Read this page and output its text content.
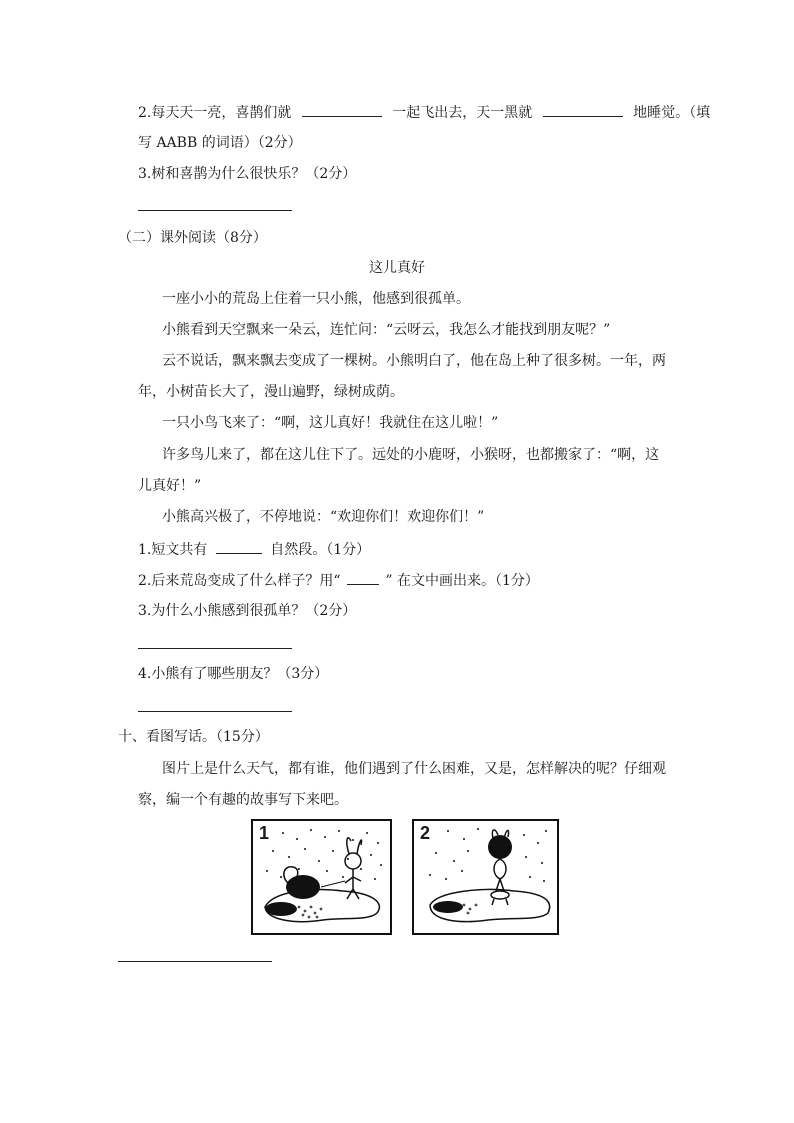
2.每天天一亮，喜鹊们就	一起飞出去，天一黑就	地睡觉。（填
写 AABB 的词语）（2分）
3.树和喜鹊为什么很快乐？（2分）
（二）课外阅读（8分）
这儿真好
一座小小的荒岛上住着一只小熊，他感到很孤单。
小熊看到天空飘来一朵云，连忙问：“云呀云，我怎么才能找到朋友呢？”
云不说话，飘来飘去变成了一棵树。小熊明白了，他在岛上种了很多树。一年，两
年，小树苗长大了，漫山遍野，绿树成荫。
一只小鸟飞来了：“啊，这儿真好！我就住在这儿啦！”
许多鸟儿来了，都在这儿住下了。远处的小鹿呀，小猴呀，也都搬家了：“啊，这
儿真好！”
小熊高兴极了，不停地说：“欢迎你们！欢迎你们！”
1.短文共有	自然段。（1分）
2.后来荒岛变成了什么样子？用“	” 在文中画出来。（1分）
3.为什么小熊感到很孤单？（2分）
4.小熊有了哪些朋友？（3分）
十、看图写话。（15分）
图片上是什么天气，都有谁，他们遇到了什么困难，又是，怎样解决的呢？仔细观
察，编一个有趣的故事写下来吧。
1	2
